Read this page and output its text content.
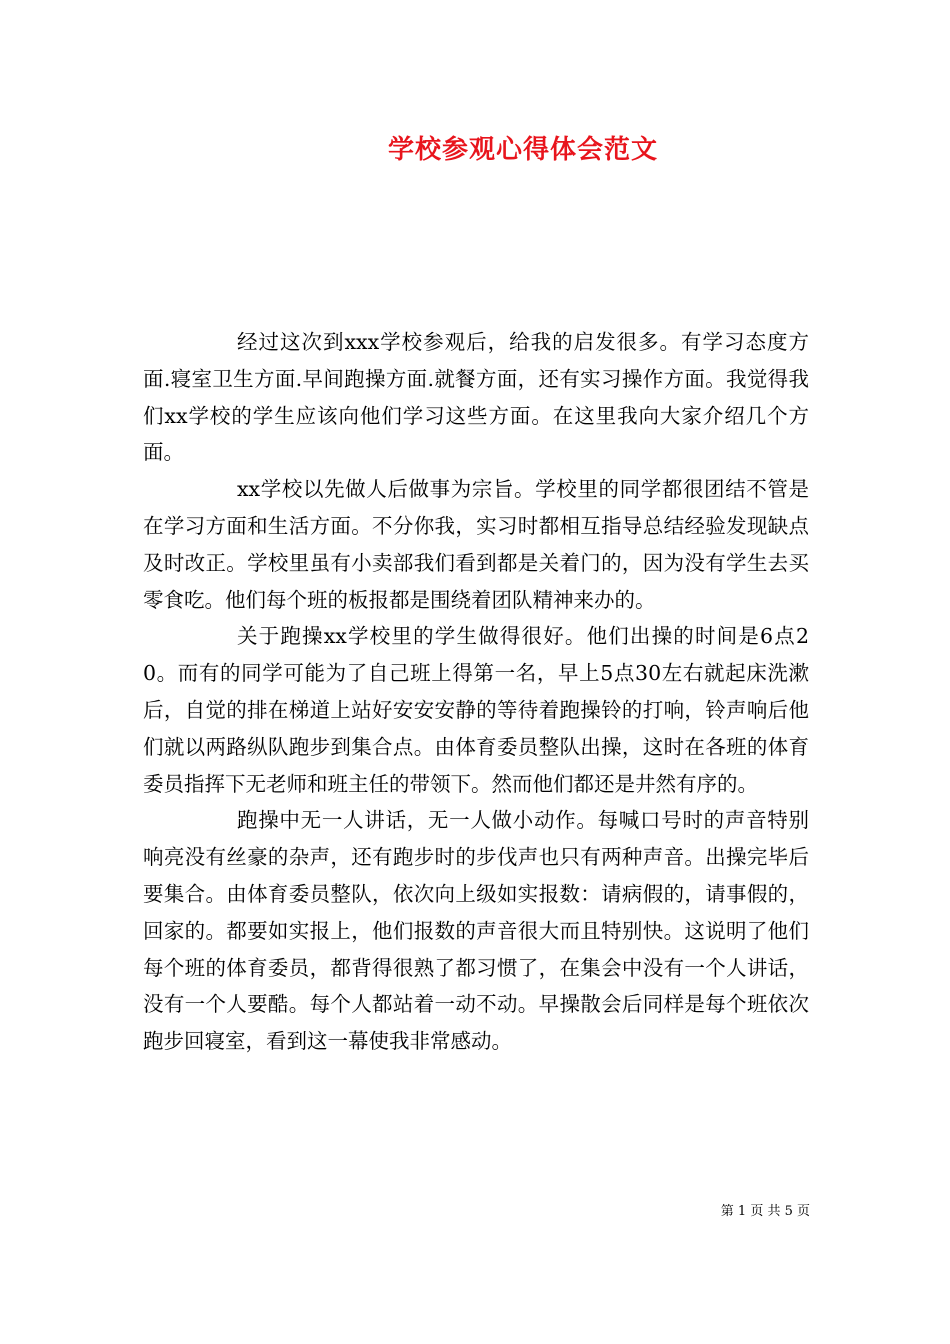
学校参观心得体会范文

经过这次到xxx学校参观后，给我的启发很多。有学习态度方面.寝室卫生方面.早间跑操方面.就餐方面，还有实习操作方面。我觉得我们xx学校的学生应该向他们学习这些方面。在这里我向大家介绍几个方面。

xx学校以先做人后做事为宗旨。学校里的同学都很团结不管是在学习方面和生活方面。不分你我，实习时都相互指导总结经验发现缺点及时改正。学校里虽有小卖部我们看到都是关着门的，因为没有学生去买零食吃。他们每个班的板报都是围绕着团队精神来办的。

关于跑操xx学校里的学生做得很好。他们出操的时间是6点20。而有的同学可能为了自己班上得第一名，早上5点30左右就起床洗漱后，自觉的排在梯道上站好安安安静的等待着跑操铃的打响，铃声响后他们就以两路纵队跑步到集合点。由体育委员整队出操，这时在各班的体育委员指挥下无老师和班主任的带领下。然而他们都还是井然有序的。

跑操中无一人讲话，无一人做小动作。每喊口号时的声音特别响亮没有丝豪的杂声，还有跑步时的步伐声也只有两种声音。出操完毕后要集合。由体育委员整队，依次向上级如实报数：请病假的，请事假的，回家的。都要如实报上，他们报数的声音很大而且特别快。这说明了他们每个班的体育委员，都背得很熟了都习惯了，在集会中没有一个人讲话，没有一个人要酷。每个人都站着一动不动。早操散会后同样是每个班依次跑步回寝室，看到这一幕使我非常感动。

第 1 页 共 5 页
